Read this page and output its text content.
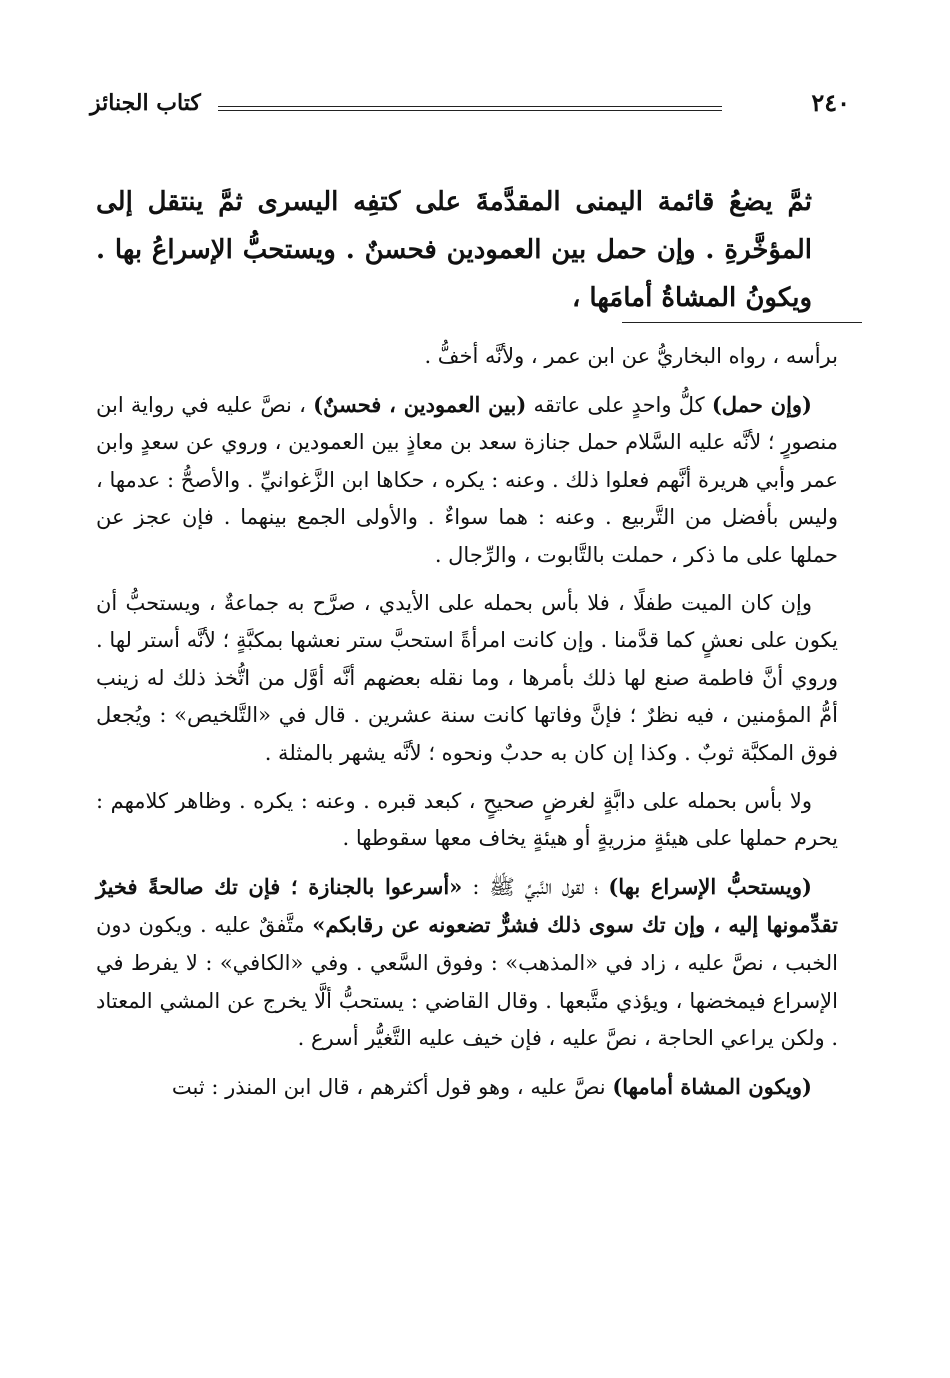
كتاب الجنائز	٢٤٠
ثمَّ يضعُ قائمة اليمنى المقدَّمةَ على كتفِه اليسرى ثمَّ ينتقل إلى المؤخَّرةِ . وإن حمل بين العمودين فحسنٌ . ويستحبُّ الإسراعُ بها . ويكونُ المشاةُ أمامَها ،

برأسه ، رواه البخاريُّ عن ابن عمر ، ولأنَّه أخفُّ .

(وإن حمل) كلُّ واحدٍ على عاتقه (بين العمودين ، فحسنٌ) ، نصَّ عليه في رواية ابن منصورٍ ؛ لأنَّه عليه السَّلام حمل جنازة سعد بن معاذٍ بين العمودين ، وروي عن سعدٍ وابن عمر وأبي هريرة أنَّهم فعلوا ذلك . وعنه : يكره ، حكاها ابن الزَّغوانيِّ . والأصحُّ : عدمها ، وليس بأفضل من التَّربيع . وعنه : هما سواءٌ . والأولى الجمع بينهما . فإن عجز عن حملها على ما ذكر ، حملت بالتَّابوت ، والرِّجال .

وإن كان الميت طفلًا ، فلا بأس بحمله على الأيدي ، صرَّح به جماعةٌ ، ويستحبُّ أن يكون على نعشٍ كما قدَّمنا . وإن كانت امرأةً استحبَّ ستر نعشها بمكبَّةٍ ؛ لأنَّه أستر لها . وروي أنَّ فاطمة صنع لها ذلك بأمرها ، وما نقله بعضهم أنَّه أوَّل من اتُّخذ ذلك له زينب أمُّ المؤمنين ، فيه نظرٌ ؛ فإنَّ وفاتها كانت سنة عشرين . قال في «التَّلخيص» : ويُجعل فوق المكبَّة ثوبٌ . وكذا إن كان به حدبٌ ونحوه ؛ لأنَّه يشهر بالمثلة .

ولا بأس بحمله على دابَّةٍ لغرضٍ صحيحٍ ، كبعد قبره . وعنه : يكره . وظاهر كلامهم : يحرم حملها على هيئةٍ مزريةٍ أو هيئةٍ يخاف معها سقوطها .

(ويستحبُّ الإسراع بها) ؛ لقول النَّبيِّ ﷺ : «أسرعوا بالجنازة ؛ فإن تك صالحةً فخيرٌ تقدِّمونها إليه ، وإن تك سوى ذلك فشرٌّ تضعونه عن رقابكم» متَّفقٌ عليه . ويكون دون الخبب ، نصَّ عليه ، زاد في «المذهب» : وفوق السَّعي . وفي «الكافي» : لا يفرط في الإسراع فيمخضها ، ويؤذي متَّبعها . وقال القاضي : يستحبُّ ألَّا يخرج عن المشي المعتاد . ولكن يراعي الحاجة ، نصَّ عليه ، فإن خيف عليه التَّغيُّر أسرع .

(ويكون المشاة أمامها) نصَّ عليه ، وهو قول أكثرهم ، قال ابن المنذر : ثبت
